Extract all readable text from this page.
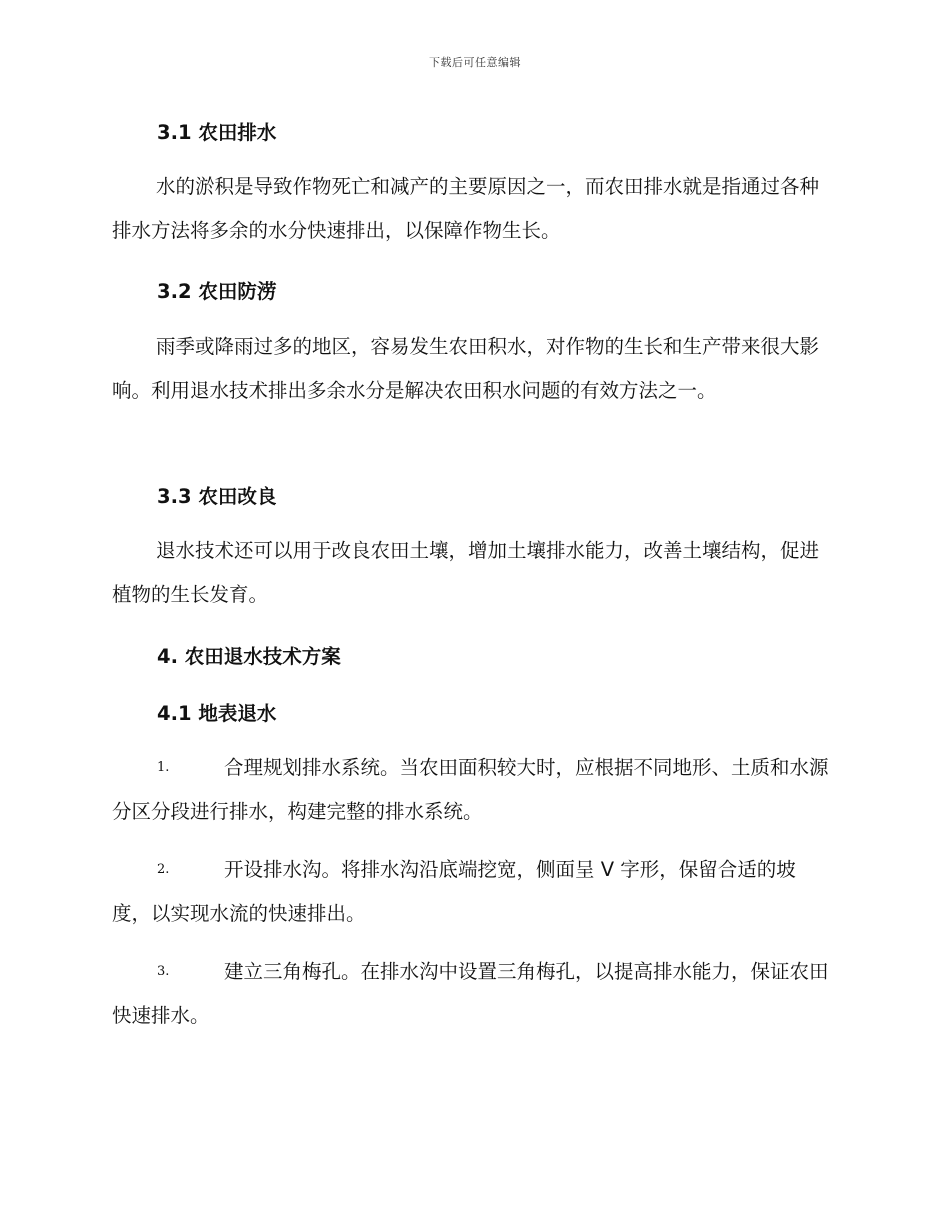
下载后可任意编辑
3.1 农田排水

水的淤积是导致作物死亡和减产的主要原因之一，而农田排水就是指通过各种排水方法将多余的水分快速排出，以保障作物生长。

3.2 农田防涝

雨季或降雨过多的地区，容易发生农田积水，对作物的生长和生产带来很大影响。利用退水技术排出多余水分是解决农田积水问题的有效方法之一。

3.3 农田改良

退水技术还可以用于改良农田土壤，增加土壤排水能力，改善土壤结构，促进植物的生长发育。

4. 农田退水技术方案
4.1 地表退水

1.	合理规划排水系统。当农田面积较大时，应根据不同地形、土质和水源分区分段进行排水，构建完整的排水系统。

2.	开设排水沟。将排水沟沿底端挖宽，侧面呈 V 字形，保留合适的坡度，以实现水流的快速排出。

3.	建立三角梅孔。在排水沟中设置三角梅孔，以提高排水能力，保证农田快速排水。
